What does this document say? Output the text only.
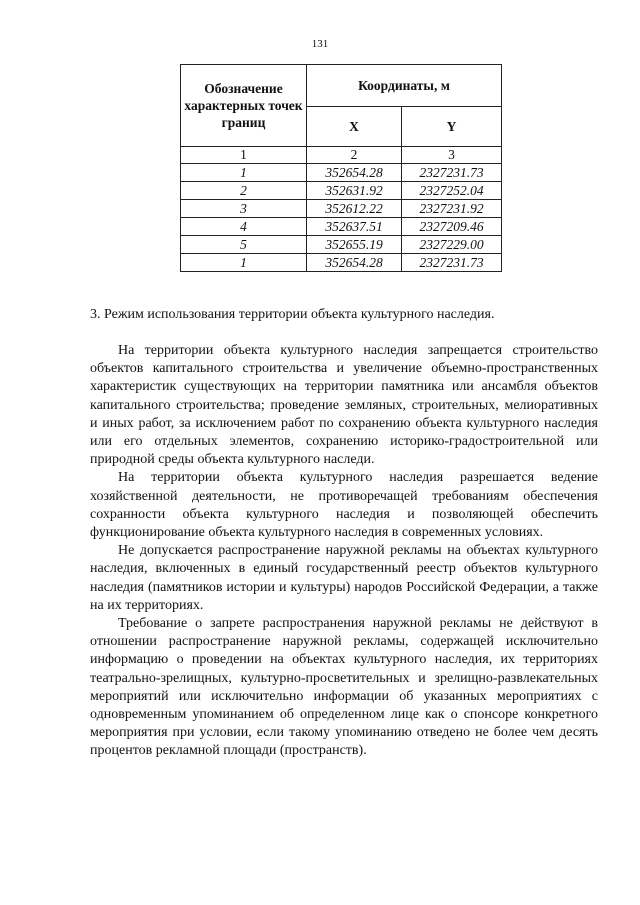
131
Обозначение характерных точек границ	Координаты, м	
	X	Y
1	2	3
1	352654.28	2327231.73
2	352631.92	2327252.04
3	352612.22	2327231.92
4	352637.51	2327209.46
5	352655.19	2327229.00
1	352654.28	2327231.73

3. Режим использования территории объекта культурного наследия.

На территории объекта культурного наследия запрещается строительство объектов капитального строительства и увеличение объемно-пространственных характеристик существующих на территории памятника или ансамбля объектов капитального строительства; проведение земляных, строительных, мелиоративных и иных работ, за исключением работ по сохранению объекта культурного наследия или его отдельных элементов, сохранению историко-градостроительной или природной среды объекта культурного наследи.

На территории объекта культурного наследия разрешается ведение хозяйственной деятельности, не противоречащей требованиям обеспечения сохранности объекта культурного наследия и позволяющей обеспечить функционирование объекта культурного наследия в современных условиях.

Не допускается распространение наружной рекламы на объектах культурного наследия, включенных в единый государственный реестр объектов культурного наследия (памятников истории и культуры) народов Российской Федерации, а также на их территориях.

Требование о запрете распространения наружной рекламы не действуют в отношении распространение наружной рекламы, содержащей исключительно информацию о проведении на объектах культурного наследия, их территориях театрально-зрелищных, культурно-просветительных и зрелищно-развлекательных мероприятий или исключительно информации об указанных мероприятиях с одновременным упоминанием об определенном лице как о спонсоре конкретного мероприятия при условии, если такому упоминанию отведено не более чем десять процентов рекламной площади (пространств).
